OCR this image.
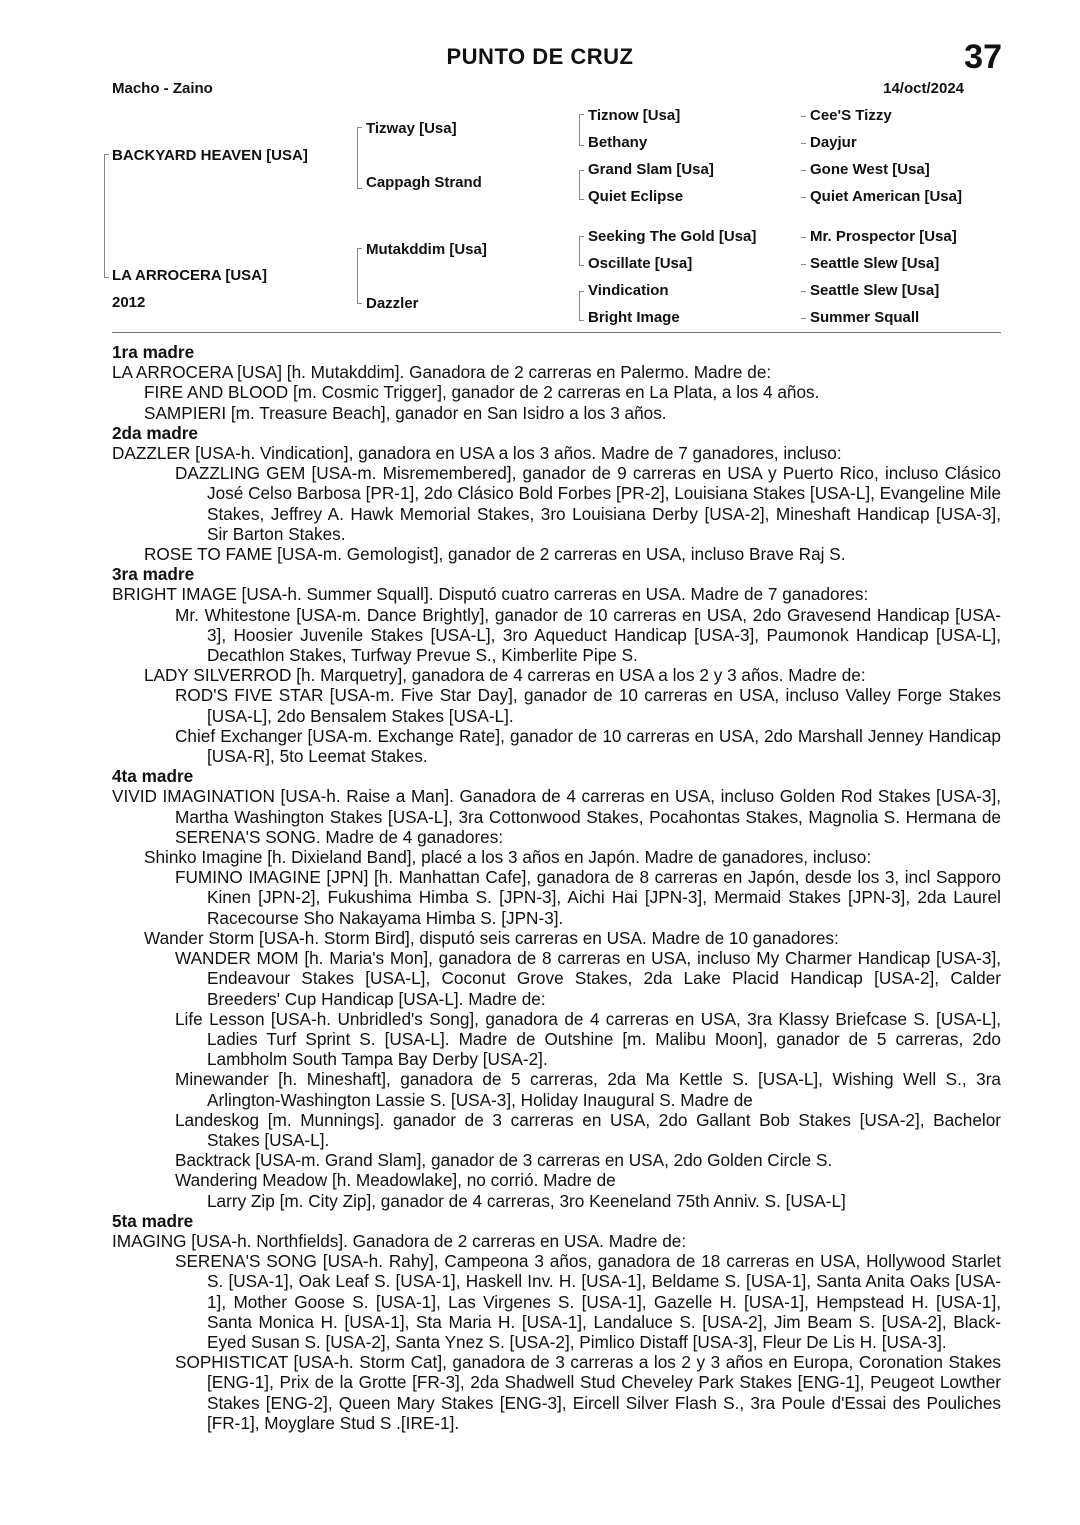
PUNTO DE CRUZ	37
Macho - Zaino	14/oct/2024
BACKYARD HEAVEN [USA]
LA ARROCERA [USA]
2012
Tizway [Usa]
Cappagh Strand
Mutakddim [Usa]
Dazzler
Tiznow [Usa]
Bethany
Grand Slam [Usa]
Quiet Eclipse
Seeking The Gold [Usa]
Oscillate [Usa]
Vindication
Bright Image
Cee'S Tizzy
Dayjur
Gone West [Usa]
Quiet American [Usa]
Mr. Prospector [Usa]
Seattle Slew [Usa]
Seattle Slew [Usa]
Summer Squall

1ra madre

LA ARROCERA [USA] [h. Mutakddim]. Ganadora de 2 carreras en Palermo. Madre de:

FIRE AND BLOOD [m. Cosmic Trigger], ganador de 2 carreras en La Plata, a los 4 años.

SAMPIERI [m. Treasure Beach], ganador en San Isidro a los 3 años.

2da madre

DAZZLER [USA-h. Vindication], ganadora en USA a los 3 años. Madre de 7 ganadores, incluso:

DAZZLING GEM [USA-m. Misremembered], ganador de 9 carreras en USA y Puerto Rico, incluso Clásico José Celso Barbosa [PR-1], 2do Clásico Bold Forbes [PR-2], Louisiana Stakes [USA-L], Evangeline Mile Stakes, Jeffrey A. Hawk Memorial Stakes, 3ro Louisiana Derby [USA-2], Mineshaft Handicap [USA-3], Sir Barton Stakes.

ROSE TO FAME [USA-m. Gemologist], ganador de 2 carreras en USA, incluso Brave Raj S.

3ra madre

BRIGHT IMAGE [USA-h. Summer Squall]. Disputó cuatro carreras en USA. Madre de 7 ganadores:

Mr. Whitestone [USA-m. Dance Brightly], ganador de 10 carreras en USA, 2do Gravesend Handicap [USA-3], Hoosier Juvenile Stakes [USA-L], 3ro Aqueduct Handicap [USA-3], Paumonok Handicap [USA-L], Decathlon Stakes, Turfway Prevue S., Kimberlite Pipe S.

LADY SILVERROD [h. Marquetry], ganadora de 4 carreras en USA a los 2 y 3 años. Madre de:

ROD'S FIVE STAR [USA-m. Five Star Day], ganador de 10 carreras en USA, incluso Valley Forge Stakes [USA-L], 2do Bensalem Stakes [USA-L].

Chief Exchanger [USA-m. Exchange Rate], ganador de 10 carreras en USA, 2do Marshall Jenney Handicap [USA-R], 5to Leemat Stakes.

4ta madre

VIVID IMAGINATION [USA-h. Raise a Man]. Ganadora de 4 carreras en USA, incluso Golden Rod Stakes [USA-3], Martha Washington Stakes [USA-L], 3ra Cottonwood Stakes, Pocahontas Stakes, Magnolia S. Hermana de SERENA'S SONG. Madre de 4 ganadores:

Shinko Imagine [h. Dixieland Band], placé a los 3 años en Japón. Madre de ganadores, incluso:

FUMINO IMAGINE [JPN] [h. Manhattan Cafe], ganadora de 8 carreras en Japón, desde los 3, incl Sapporo Kinen [JPN-2], Fukushima Himba S. [JPN-3], Aichi Hai [JPN-3], Mermaid Stakes [JPN-3], 2da Laurel Racecourse Sho Nakayama Himba S. [JPN-3].

Wander Storm [USA-h. Storm Bird], disputó seis carreras en USA. Madre de 10 ganadores:

WANDER MOM [h. Maria's Mon], ganadora de 8 carreras en USA, incluso My Charmer Handicap [USA-3], Endeavour Stakes [USA-L], Coconut Grove Stakes, 2da Lake Placid Handicap [USA-2], Calder Breeders' Cup Handicap [USA-L]. Madre de:

Life Lesson [USA-h. Unbridled's Song], ganadora de 4 carreras en USA, 3ra Klassy Briefcase S. [USA-L], Ladies Turf Sprint S. [USA-L]. Madre de Outshine [m. Malibu Moon], ganador de 5 carreras, 2do Lambholm South Tampa Bay Derby [USA-2].

Minewander [h. Mineshaft], ganadora de 5 carreras, 2da Ma Kettle S. [USA-L], Wishing Well S., 3ra Arlington-Washington Lassie S. [USA-3], Holiday Inaugural S. Madre de

Landeskog [m. Munnings]. ganador de 3 carreras en USA, 2do Gallant Bob Stakes [USA-2], Bachelor Stakes [USA-L].

Backtrack [USA-m. Grand Slam], ganador de 3 carreras en USA, 2do Golden Circle S.

Wandering Meadow [h. Meadowlake], no corrió. Madre de

Larry Zip [m. City Zip], ganador de 4 carreras, 3ro Keeneland 75th Anniv. S. [USA-L]

5ta madre

IMAGING [USA-h. Northfields]. Ganadora de 2 carreras en USA. Madre de:

SERENA'S SONG [USA-h. Rahy], Campeona 3 años, ganadora de 18 carreras en USA, Hollywood Starlet S. [USA-1], Oak Leaf S. [USA-1], Haskell Inv. H. [USA-1], Beldame S. [USA-1], Santa Anita Oaks [USA-1], Mother Goose S. [USA-1], Las Virgenes S. [USA-1], Gazelle H. [USA-1], Hempstead H. [USA-1], Santa Monica H. [USA-1], Sta Maria H. [USA-1], Landaluce S. [USA-2], Jim Beam S. [USA-2], Black-Eyed Susan S. [USA-2], Santa Ynez S. [USA-2], Pimlico Distaff [USA-3], Fleur De Lis H. [USA-3].

SOPHISTICAT [USA-h. Storm Cat], ganadora de 3 carreras a los 2 y 3 años en Europa, Coronation Stakes [ENG-1], Prix de la Grotte [FR-3], 2da Shadwell Stud Cheveley Park Stakes [ENG-1], Peugeot Lowther Stakes [ENG-2], Queen Mary Stakes [ENG-3], Eircell Silver Flash S., 3ra Poule d'Essai des Pouliches [FR-1], Moyglare Stud S .[IRE-1].
